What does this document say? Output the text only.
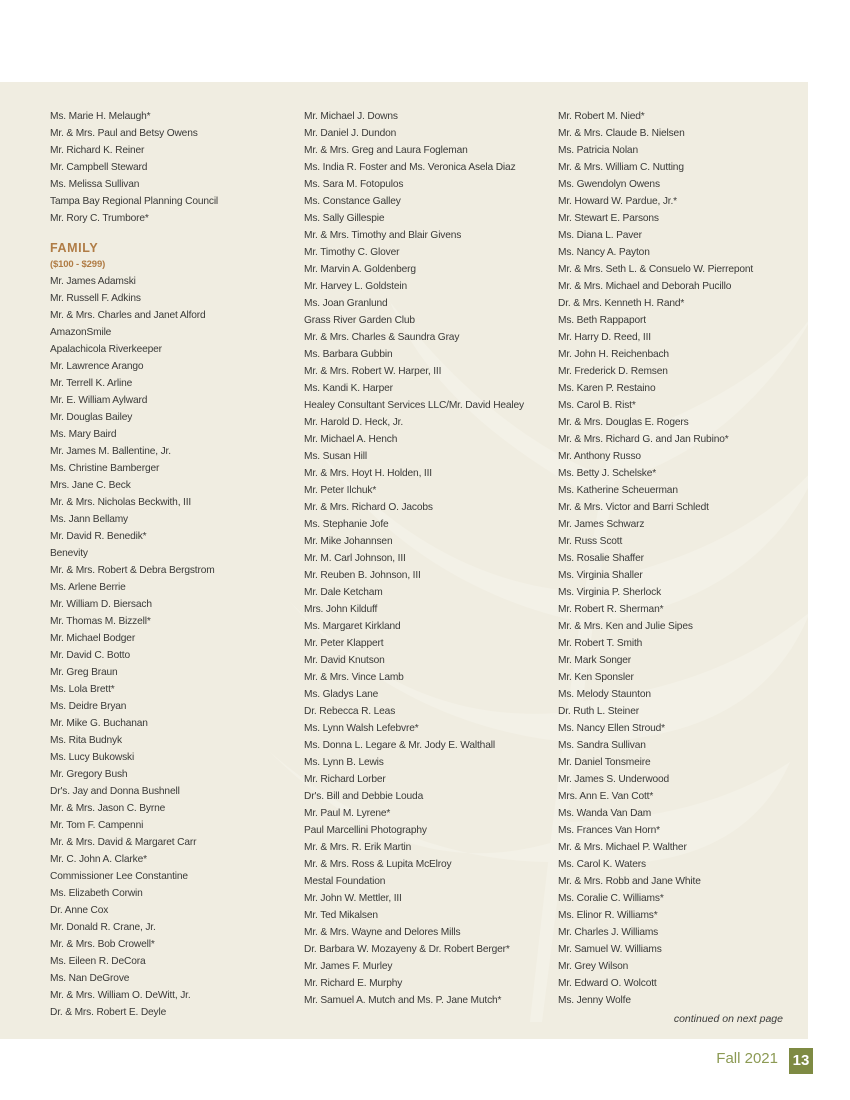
Ms. Marie H. Melaugh*
Mr. & Mrs. Paul and Betsy Owens
Mr. Richard K. Reiner
Mr. Campbell Steward
Ms. Melissa Sullivan
Tampa Bay Regional Planning Council
Mr. Rory C. Trumbore*
FAMILY
($100 - $299)
Mr. James Adamski
Mr. Russell F. Adkins
Mr. & Mrs. Charles and Janet Alford
AmazonSmile
Apalachicola Riverkeeper
Mr. Lawrence Arango
Mr. Terrell K. Arline
Mr. E. William Aylward
Mr. Douglas Bailey
Ms. Mary Baird
Mr. James M. Ballentine, Jr.
Ms. Christine Bamberger
Mrs. Jane C. Beck
Mr. & Mrs. Nicholas Beckwith, III
Ms. Jann Bellamy
Mr. David R. Benedik*
Benevity
Mr. & Mrs. Robert & Debra Bergstrom
Ms. Arlene Berrie
Mr. William D. Biersach
Mr. Thomas M. Bizzell*
Mr. Michael Bodger
Mr. David C. Botto
Mr. Greg Braun
Ms. Lola Brett*
Ms. Deidre Bryan
Mr. Mike G. Buchanan
Ms. Rita Budnyk
Ms. Lucy Bukowski
Mr. Gregory Bush
Dr's. Jay and Donna Bushnell
Mr. & Mrs. Jason C. Byrne
Mr. Tom F. Campenni
Mr. & Mrs. David & Margaret Carr
Mr. C. John A. Clarke*
Commissioner Lee Constantine
Ms. Elizabeth Corwin
Dr. Anne Cox
Mr. Donald R. Crane, Jr.
Mr. & Mrs. Bob Crowell*
Ms. Eileen R. DeCora
Ms. Nan DeGrove
Mr. & Mrs. William O. DeWitt, Jr.
Dr. & Mrs. Robert E. Deyle
Mr. Michael J. Downs
Mr. Daniel J. Dundon
Mr. & Mrs. Greg and Laura Fogleman
Ms. India R. Foster and Ms. Veronica Asela Diaz
Ms. Sara M. Fotopulos
Ms. Constance Galley
Ms. Sally Gillespie
Mr. & Mrs. Timothy and Blair Givens
Mr. Timothy C. Glover
Mr. Marvin A. Goldenberg
Mr. Harvey L. Goldstein
Ms. Joan Granlund
Grass River Garden Club
Mr. & Mrs. Charles & Saundra Gray
Ms. Barbara Gubbin
Mr. & Mrs. Robert W. Harper, III
Ms. Kandi K. Harper
Healey Consultant Services LLC/Mr. David Healey
Mr. Harold D. Heck, Jr.
Mr. Michael A. Hench
Ms. Susan Hill
Mr. & Mrs. Hoyt H. Holden, III
Mr. Peter Ilchuk*
Mr. & Mrs. Richard O. Jacobs
Ms. Stephanie Jofe
Mr. Mike Johannsen
Mr. M. Carl Johnson, III
Mr. Reuben B. Johnson, III
Mr. Dale Ketcham
Mrs. John Kilduff
Ms. Margaret Kirkland
Mr. Peter Klappert
Mr. David Knutson
Mr. & Mrs. Vince Lamb
Ms. Gladys Lane
Dr. Rebecca R. Leas
Ms. Lynn Walsh Lefebvre*
Ms. Donna L. Legare & Mr. Jody E. Walthall
Ms. Lynn B. Lewis
Mr. Richard Lorber
Dr's. Bill and Debbie Louda
Mr. Paul M. Lyrene*
Paul Marcellini Photography
Mr. & Mrs. R. Erik Martin
Mr. & Mrs. Ross & Lupita McElroy
Mestal Foundation
Mr. John W. Mettler, III
Mr. Ted Mikalsen
Mr. & Mrs. Wayne and Delores Mills
Dr. Barbara W. Mozayeny & Dr. Robert Berger*
Mr. James F. Murley
Mr. Richard E. Murphy
Mr. Samuel A. Mutch and Ms. P. Jane Mutch*
Mr. Robert M. Nied*
Mr. & Mrs. Claude B. Nielsen
Ms. Patricia Nolan
Mr. & Mrs. William C. Nutting
Ms. Gwendolyn Owens
Mr. Howard W. Pardue, Jr.*
Mr. Stewart E. Parsons
Ms. Diana L. Paver
Ms. Nancy A. Payton
Mr. & Mrs. Seth L. & Consuelo W. Pierrepont
Mr. & Mrs. Michael and Deborah Pucillo
Dr. & Mrs. Kenneth H. Rand*
Ms. Beth Rappaport
Mr. Harry D. Reed, III
Mr. John H. Reichenbach
Mr. Frederick D. Remsen
Ms. Karen P. Restaino
Ms. Carol B. Rist*
Mr. & Mrs. Douglas E. Rogers
Mr. & Mrs. Richard G. and Jan Rubino*
Mr. Anthony Russo
Ms. Betty J. Schelske*
Ms. Katherine Scheuerman
Mr. & Mrs. Victor and Barri Schledt
Mr. James Schwarz
Mr. Russ Scott
Ms. Rosalie Shaffer
Ms. Virginia Shaller
Ms. Virginia P. Sherlock
Mr. Robert R. Sherman*
Mr. & Mrs. Ken and Julie Sipes
Mr. Robert T. Smith
Mr. Mark Songer
Mr. Ken Sponsler
Ms. Melody Staunton
Dr. Ruth L. Steiner
Ms. Nancy Ellen Stroud*
Ms. Sandra Sullivan
Mr. Daniel Tonsmeire
Mr. James S. Underwood
Mrs. Ann E. Van Cott*
Ms. Wanda Van Dam
Ms. Frances Van Horn*
Mr. & Mrs. Michael P. Walther
Ms. Carol K. Waters
Mr. & Mrs. Robb and Jane White
Ms. Coralie C. Williams*
Ms. Elinor R. Williams*
Mr. Charles J. Williams
Mr. Samuel W. Williams
Mr. Grey Wilson
Mr. Edward O. Wolcott
Ms. Jenny Wolfe
continued on next page
Fall 2021 13
